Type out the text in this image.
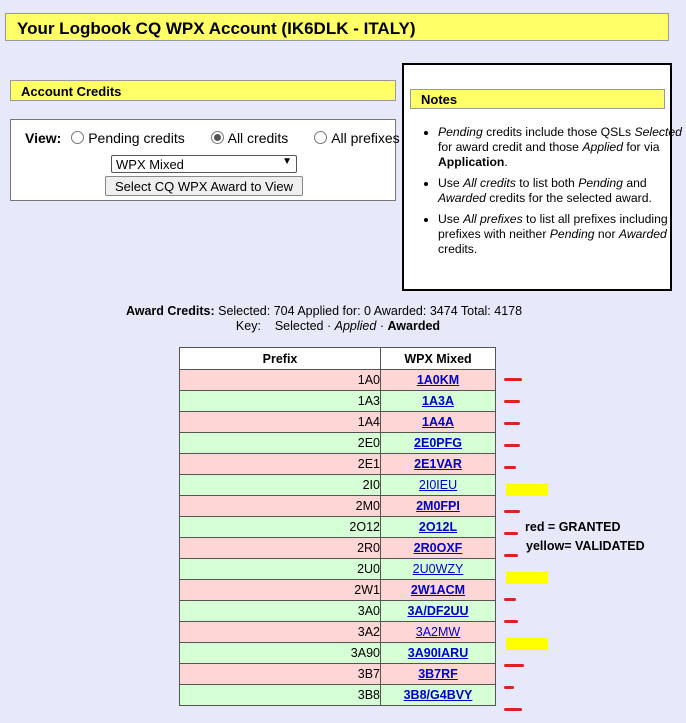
Your Logbook CQ WPX Account (IK6DLK - ITALY)
Account Credits
View: Pending credits	All credits	All prefixes
WPX Mixed	▼
Select CQ WPX Award to View
Notes
• Pending credits include those QSLs Selected for award credit and those Applied for via Application.
• Use All credits to list both Pending and Awarded credits for the selected award.
• Use All prefixes to list all prefixes including prefixes with neither Pending nor Awarded credits.
Award Credits: Selected: 704 Applied for: 0 Awarded: 3474 Total: 4178
Key: Selected · Applied · Awarded
Prefix	WPX Mixed
1A0	1A0KM
1A3	1A3A
1A4	1A4A
2E0	2E0PFG
2E1	2E1VAR
2I0	2I0IEU
2M0	2M0FPI
2O12	2O12L
2R0	2R0OXF
2U0	2U0WZY
2W1	2W1ACM
3A0	3A/DF2UU
3A2	3A2MW
3A90	3A90IARU
3B7	3B7RF
3B8	3B8/G4BVY
red = GRANTED
yellow= VALIDATED
